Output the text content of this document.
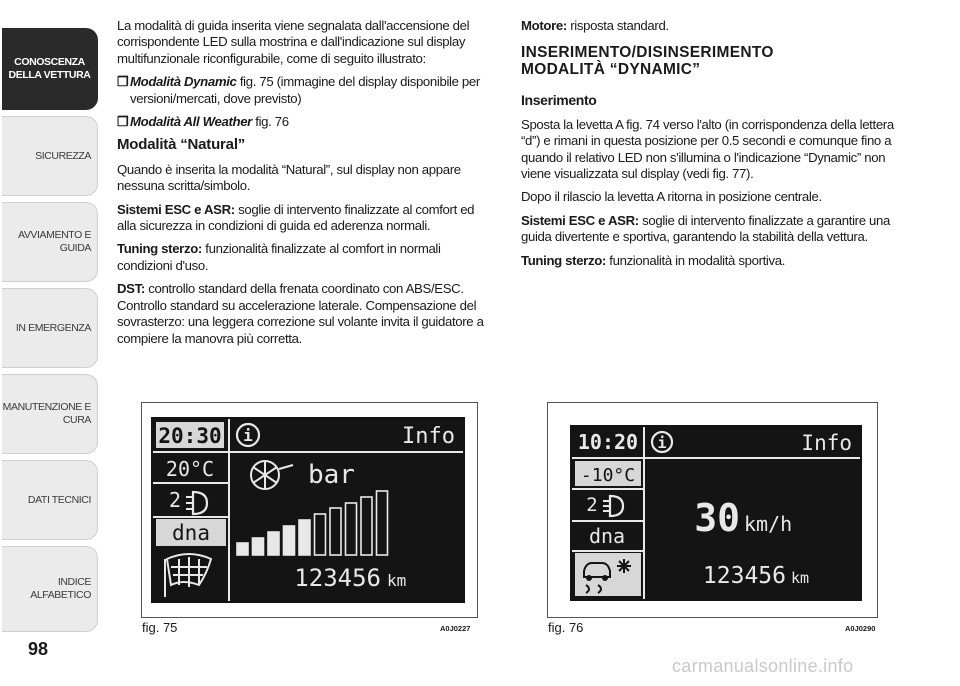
CONOSCENZA
DELLA VETTURA
SICUREZZA
AVVIAMENTO E
GUIDA
IN EMERGENZA
MANUTENZIONE E
CURA
DATI TECNICI
INDICE ALFABETICO
98

La modalità di guida inserita viene segnalata dall'accensione del corrispondente LED sulla mostrina e dall'indicazione sul display multifunzionale riconfigurabile, come di seguito illustrato:

❒ Modalità Dynamic fig. 75 (immagine del display disponibile per versioni/mercati, dove previsto)
❒ Modalità All Weather fig. 76
Modalità “Natural”

Quando è inserita la modalità “Natural”, sul display non appare nessuna scritta/simbolo.

Sistemi ESC e ASR: soglie di intervento finalizzate al comfort ed alla sicurezza in condizioni di guida ed aderenza normali.

Tuning sterzo: funzionalità finalizzate al comfort in normali condizioni d'uso.

DST: controllo standard della frenata coordinato con ABS/ESC. Controllo standard su accelerazione laterale. Compensazione del sovrasterzo: una leggera correzione sul volante invita il guidatore a compiere la manovra più corretta.

Motore: risposta standard.

INSERIMENTO/DISINSERIMENTO
MODALITÀ “DYNAMIC”
Inserimento

Sposta la levetta A fig. 74 verso l'alto (in corrispondenza della lettera “d”) e rimani in questa posizione per 0.5 secondi e comunque fino a quando il relativo LED non s'illumina o l'indicazione “Dynamic” non viene visualizzata sul display (vedi fig. 77).

Dopo il rilascio la levetta A ritorna in posizione centrale.

Sistemi ESC e ASR: soglie di intervento finalizzate a garantire una guida divertente e sportiva, garantendo la stabilità della vettura.

Tuning sterzo: funzionalità in modalità sportiva.

20:30 i	Info
20°C
2
dna
bar
123456 km
fig. 75	A0J0227
10:20 i	Info
-10°C
2
dna 30 km/h
123456 km
fig. 76	A0J0290
carmanualsonline.info
